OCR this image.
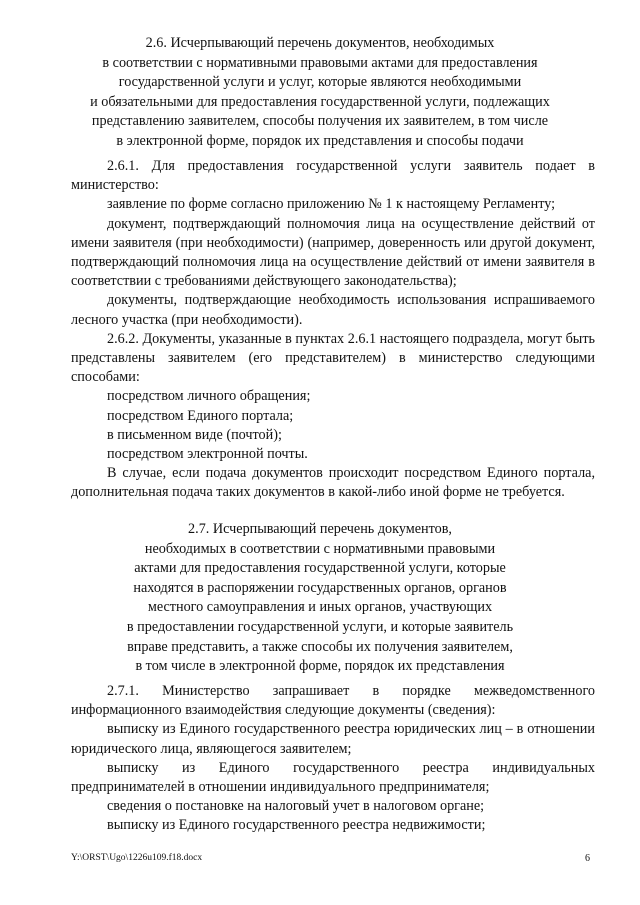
2.6. Исчерпывающий перечень документов, необходимых
в соответствии с нормативными правовыми актами для предоставления
государственной услуги и услуг, которые являются необходимыми
и обязательными для предоставления государственной услуги, подлежащих
представлению заявителем, способы получения их заявителем, в том числе
в электронной форме, порядок их представления и способы подачи

2.6.1. Для предоставления государственной услуги заявитель подает в министерство:

заявление по форме согласно приложению № 1 к настоящему Регламенту;

документ, подтверждающий полномочия лица на осуществление действий от имени заявителя (при необходимости) (например, доверенность или другой документ, подтверждающий полномочия лица на осуществление действий от имени заявителя в соответствии с требованиями действующего законодательства);

документы, подтверждающие необходимость использования испрашиваемого лесного участка (при необходимости).

2.6.2. Документы, указанные в пунктах 2.6.1 настоящего подраздела, могут быть представлены заявителем (его представителем) в министерство следующими способами:

посредством личного обращения;

посредством Единого портала;

в письменном виде (почтой);

посредством электронной почты.

В случае, если подача документов происходит посредством Единого портала, дополнительная подача таких документов в какой-либо иной форме не требуется.

2.7. Исчерпывающий перечень документов,
необходимых в соответствии с нормативными правовыми
актами для предоставления государственной услуги, которые
находятся в распоряжении государственных органов, органов
местного самоуправления и иных органов, участвующих
в предоставлении государственной услуги, и которые заявитель
вправе представить, а также способы их получения заявителем,
в том числе в электронной форме, порядок их представления

2.7.1. Министерство запрашивает в порядке межведомственного информационного взаимодействия следующие документы (сведения):

выписку из Единого государственного реестра юридических лиц – в отношении юридического лица, являющегося заявителем;

выписку из Единого государственного реестра индивидуальных предпринимателей в отношении индивидуального предпринимателя;

сведения о постановке на налоговый учет в налоговом органе;

выписку из Единого государственного реестра недвижимости;

Y:\ORST\Ugo\1226u109.f18.docx	6
